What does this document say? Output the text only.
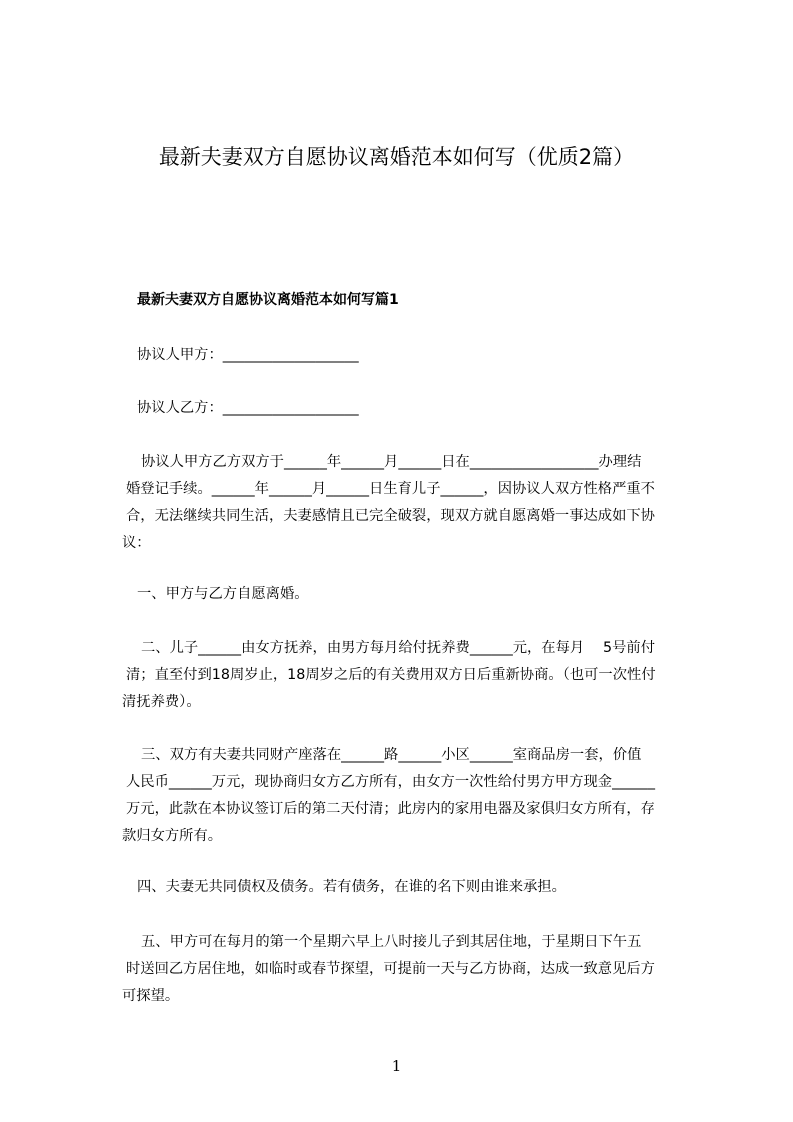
最新夫妻双方自愿协议离婚范本如何写（优质2篇）
最新夫妻双方自愿协议离婚范本如何写篇1
协议人甲方：___________________
协议人乙方：___________________
协议人甲方乙方双方于______年______月______日在__________________办理结
婚登记手续。______年______月______日生育儿子______，因协议人双方性格严重不
合，无法继续共同生活，夫妻感情且已完全破裂，现双方就自愿离婚一事达成如下协
议：
一、甲方与乙方自愿离婚。
二、儿子______由女方抚养，由男方每月给付抚养费______元，在每月　 5号前付
清；直至付到18周岁止，18周岁之后的有关费用双方日后重新协商。（也可一次性付
清抚养费）。
三、双方有夫妻共同财产座落在______路______小区______室商品房一套，价值
人民币______万元，现协商归女方乙方所有，由女方一次性给付男方甲方现金______
万元，此款在本协议签订后的第二天付清；此房内的家用电器及家俱归女方所有，存
款归女方所有。
四、夫妻无共同债权及债务。若有债务，在谁的名下则由谁来承担。
五、甲方可在每月的第一个星期六早上八时接儿子到其居住地，于星期日下午五
时送回乙方居住地，如临时或春节探望，可提前一天与乙方协商，达成一致意见后方
可探望。
1
